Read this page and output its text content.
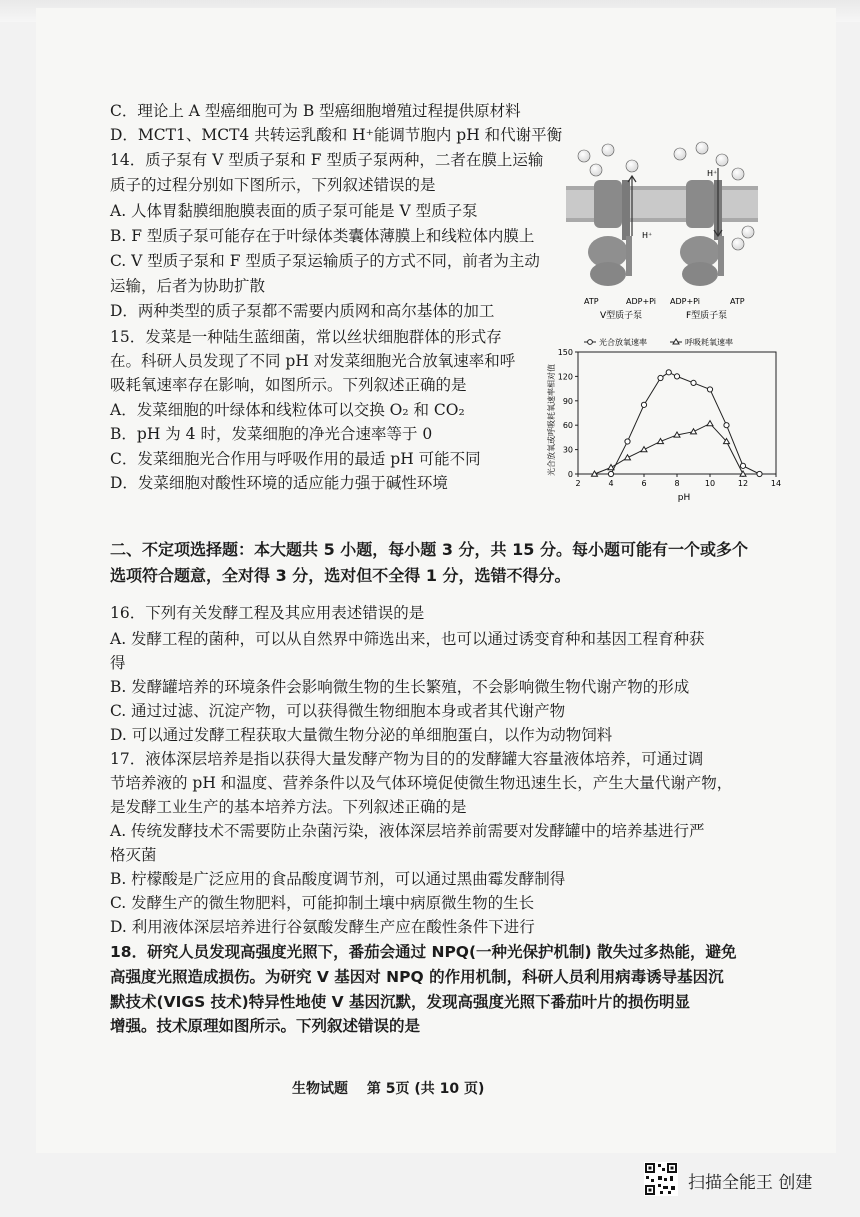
C．理论上 A 型癌细胞可为 B 型癌细胞增殖过程提供原材料
D．MCT1、MCT4 共转运乳酸和 H⁺能调节胞内 pH 和代谢平衡
14．质子泵有 V 型质子泵和 F 型质子泵两种，二者在膜上运输
质子的过程分别如下图所示，下列叙述错误的是
A. 人体胃黏膜细胞膜表面的质子泵可能是 V 型质子泵
B. F 型质子泵可能存在于叶绿体类囊体薄膜上和线粒体内膜上
C. V 型质子泵和 F 型质子泵运输质子的方式不同，前者为主动
运输，后者为协助扩散
D．两种类型的质子泵都不需要内质网和高尔基体的加工
H⁺
H⁺
ATP	ADP+Pi ADP+Pi	ATP
V型质子泵	F型质子泵
15．发菜是一种陆生蓝细菌，常以丝状细胞群体的形式存
在。科研人员发现了不同 pH 对发菜细胞光合放氧速率和呼
吸耗氧速率存在影响，如图所示。下列叙述正确的是
A．发菜细胞的叶绿体和线粒体可以交换 O₂ 和 CO₂
B．pH 为 4 时，发菜细胞的净光合速率等于 0
C．发菜细胞光合作用与呼吸作用的最适 pH 可能不同
D．发菜细胞对酸性环境的适应能力强于碱性环境
光合放氧或呼吸耗氧速率相对值 0
30
60
90
120
150
2	4	6	8	10	12	14
光合放氧速率	呼吸耗氧速率
pH
二、不定项选择题：本大题共 5 小题，每小题 3 分，共 15 分。每小题可能有一个或多个
选项符合题意，全对得 3 分，选对但不全得 1 分，选错不得分。
16．下列有关发酵工程及其应用表述错误的是
A. 发酵工程的菌种，可以从自然界中筛选出来，也可以通过诱变育种和基因工程育种获
得
B. 发酵罐培养的环境条件会影响微生物的生长繁殖，不会影响微生物代谢产物的形成
C. 通过过滤、沉淀产物，可以获得微生物细胞本身或者其代谢产物
D. 可以通过发酵工程获取大量微生物分泌的单细胞蛋白，以作为动物饲料
17．液体深层培养是指以获得大量发酵产物为目的的发酵罐大容量液体培养，可通过调
节培养液的 pH 和温度、营养条件以及气体环境促使微生物迅速生长，产生大量代谢产物，
是发酵工业生产的基本培养方法。下列叙述正确的是
A. 传统发酵技术不需要防止杂菌污染，液体深层培养前需要对发酵罐中的培养基进行严
格灭菌
B. 柠檬酸是广泛应用的食品酸度调节剂，可以通过黑曲霉发酵制得
C. 发酵生产的微生物肥料，可能抑制土壤中病原微生物的生长
D. 利用液体深层培养进行谷氨酸发酵生产应在酸性条件下进行
18．研究人员发现高强度光照下，番茄会通过 NPQ(一种光保护机制) 散失过多热能，避免
高强度光照造成损伤。为研究 V 基因对 NPQ 的作用机制，科研人员利用病毒诱导基因沉
默技术(VIGS 技术)特异性地使 V 基因沉默，发现高强度光照下番茄叶片的损伤明显
增强。技术原理如图所示。下列叙述错误的是
生物试题 第 5页 (共 10 页)
扫描全能王 创建
